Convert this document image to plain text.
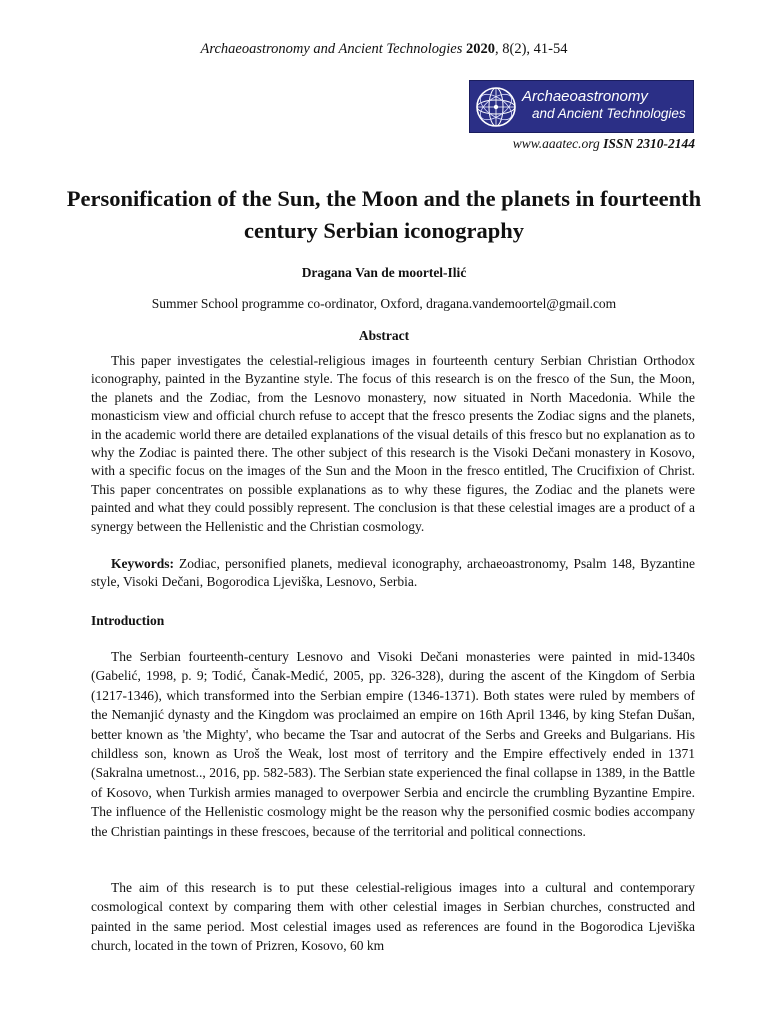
Archaeoastronomy and Ancient Technologies 2020, 8(2), 41-54
Archaeoastronomy
and Ancient Technologies
www.aaatec.org ISSN 2310-2144
Personification of the Sun, the Moon and the planets in fourteenth century Serbian iconography
Dragana Van de moortel-Ilić
Summer School programme co-ordinator, Oxford, dragana.vandemoortel@gmail.com
Abstract

This paper investigates the celestial-religious images in fourteenth century Serbian Christian Orthodox iconography, painted in the Byzantine style. The focus of this research is on the fresco of the Sun, the Moon, the planets and the Zodiac, from the Lesnovo monastery, now situated in North Macedonia. While the monasticism view and official church refuse to accept that the fresco presents the Zodiac signs and the planets, in the academic world there are detailed explanations of the visual details of this fresco but no explanation as to why the Zodiac is painted there. The other subject of this research is the Visoki Dečani monastery in Kosovo, with a specific focus on the images of the Sun and the Moon in the fresco entitled, The Crucifixion of Christ. This paper concentrates on possible explanations as to why these figures, the Zodiac and the planets were painted and what they could possibly represent. The conclusion is that these celestial images are a product of a synergy between the Hellenistic and the Christian cosmology.

Keywords: Zodiac, personified planets, medieval iconography, archaeoastronomy, Psalm 148, Byzantine style, Visoki Dečani, Bogorodica Ljeviška, Lesnovo, Serbia.

Introduction

The Serbian fourteenth-century Lesnovo and Visoki Dečani monasteries were painted in mid-1340s (Gabelić, 1998, p. 9; Todić, Čanak-Medić, 2005, pp. 326-328), during the ascent of the Kingdom of Serbia (1217-1346), which transformed into the Serbian empire (1346-1371). Both states were ruled by members of the Nemanjić dynasty and the Kingdom was proclaimed an empire on 16th April 1346, by king Stefan Dušan, better known as 'the Mighty', who became the Tsar and autocrat of the Serbs and Greeks and Bulgarians. His childless son, known as Uroš the Weak, lost most of territory and the Empire effectively ended in 1371 (Sakralna umetnost.., 2016, pp. 582-583). The Serbian state experienced the final collapse in 1389, in the Battle of Kosovo, when Turkish armies managed to overpower Serbia and encircle the crumbling Byzantine Empire. The influence of the Hellenistic cosmology might be the reason why the personified cosmic bodies accompany the Christian paintings in these frescoes, because of the territorial and political connections.

The aim of this research is to put these celestial-religious images into a cultural and contemporary cosmological context by comparing them with other celestial images in Serbian churches, constructed and painted in the same period. Most celestial images used as references are found in the Bogorodica Ljeviška church, located in the town of Prizren, Kosovo, 60 km
